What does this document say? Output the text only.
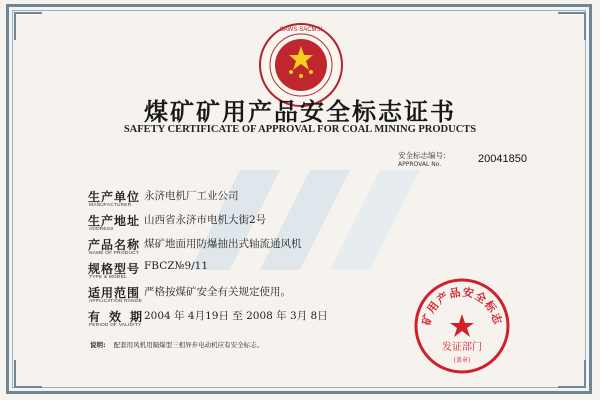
SAWS·SACMSI
煤矿矿用产品安全标志证书
SAFETY CERTIFICATE OF APPROVAL FOR COAL MINING PRODUCTS
安全标志编号:
APPROVAL No.	20041850
生产单位
MANUFACTURER
永济电机厂工业公司
生产地址
ADDRESS
山西省永济市电机大街2号
产品名称
NAME OF PRODUCT
煤矿地面用防爆抽出式轴流通风机
规格型号
TYPE & MODEL
FBCZ№9/11
适用范围
APPLICATION RANGE
严格按煤矿安全有关规定使用。
有效期
PERIOD OF VALIDITY
2004 年 4月19日 至 2008 年 3月 8日
说明: 配套用风机用隔爆型三相异步电动机应有安全标志。
矿用产品安全标志
发证部门
(盖章)
